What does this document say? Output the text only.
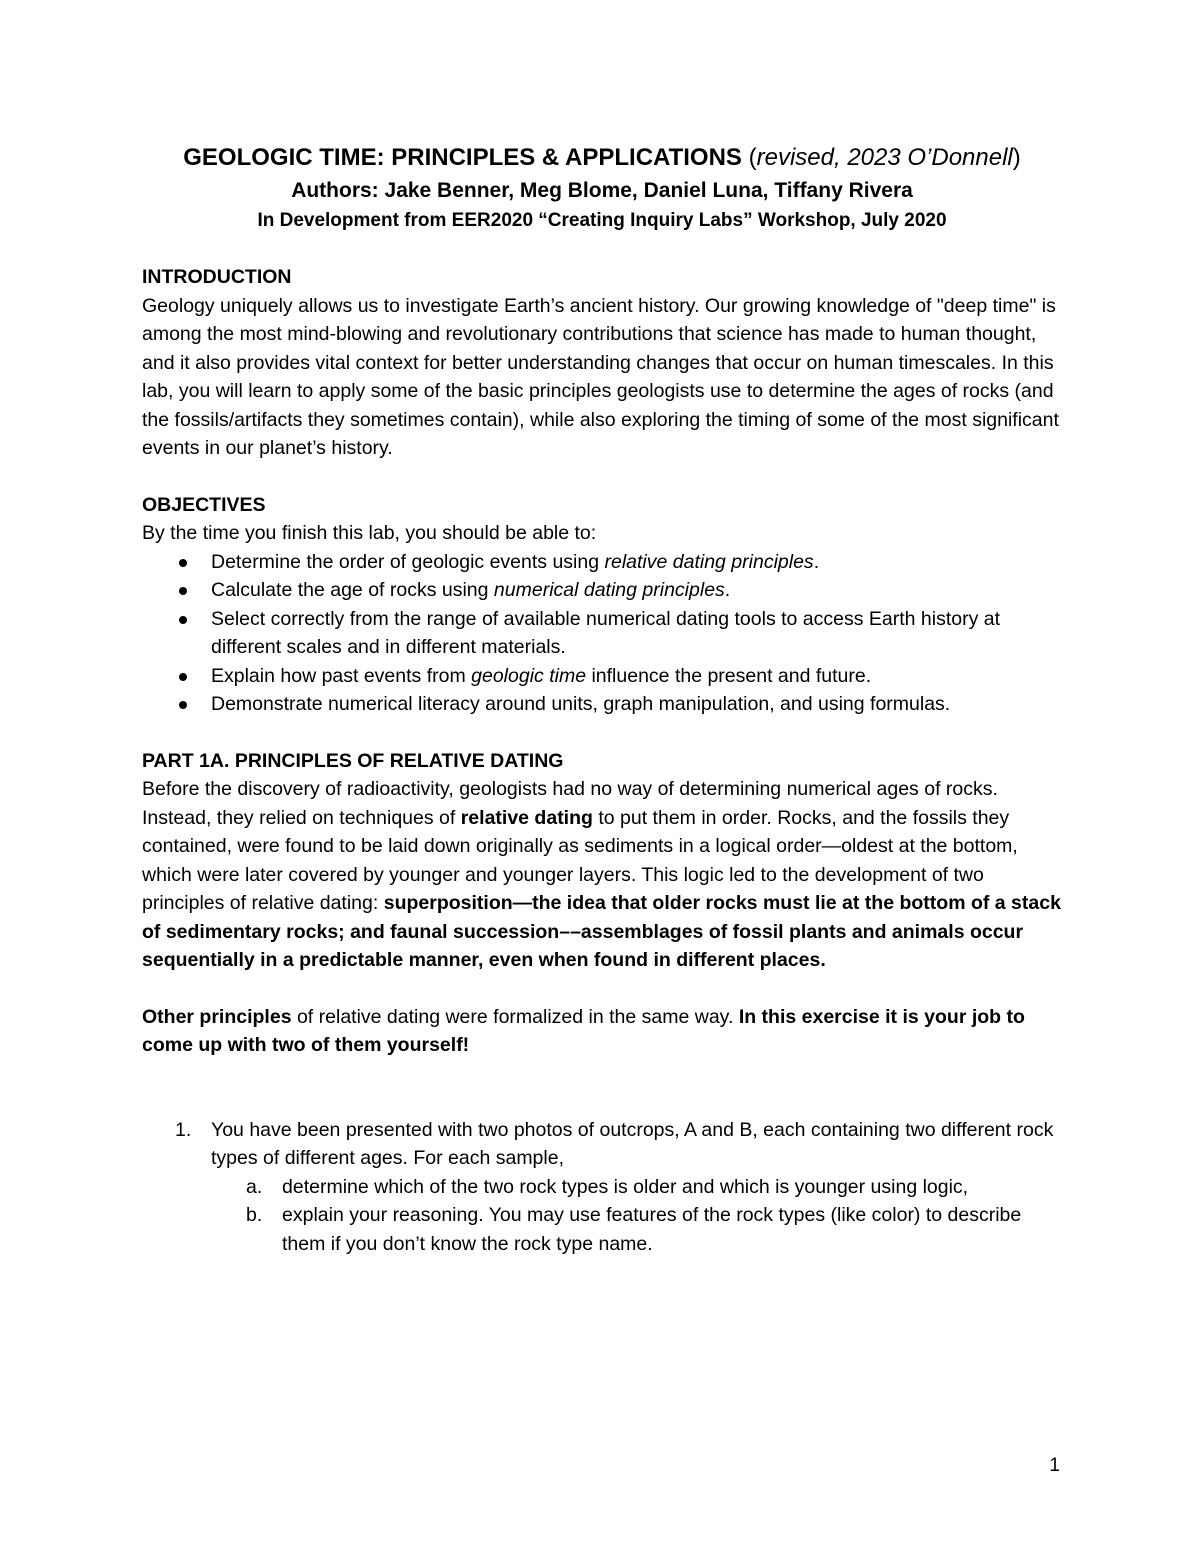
GEOLOGIC TIME: PRINCIPLES & APPLICATIONS (revised, 2023 O’Donnell)

Authors: Jake Benner, Meg Blome, Daniel Luna, Tiffany Rivera

In Development from EER2020 “Creating Inquiry Labs” Workshop, July 2020

INTRODUCTION

Geology uniquely allows us to investigate Earth’s ancient history. Our growing knowledge of "deep time" is among the most mind-blowing and revolutionary contributions that science has made to human thought, and it also provides vital context for better understanding changes that occur on human timescales. In this lab, you will learn to apply some of the basic principles geologists use to determine the ages of rocks (and the fossils/artifacts they sometimes contain), while also exploring the timing of some of the most significant events in our planet’s history.

OBJECTIVES

By the time you finish this lab, you should be able to:

Determine the order of geologic events using relative dating principles.
Calculate the age of rocks using numerical dating principles.
Select correctly from the range of available numerical dating tools to access Earth history at different scales and in different materials.
Explain how past events from geologic time influence the present and future.
Demonstrate numerical literacy around units, graph manipulation, and using formulas.

PART 1A. PRINCIPLES OF RELATIVE DATING

Before the discovery of radioactivity, geologists had no way of determining numerical ages of rocks. Instead, they relied on techniques of relative dating to put them in order. Rocks, and the fossils they contained, were found to be laid down originally as sediments in a logical order—oldest at the bottom, which were later covered by younger and younger layers. This logic led to the development of two principles of relative dating: superposition—the idea that older rocks must lie at the bottom of a stack of sedimentary rocks; and faunal succession––assemblages of fossil plants and animals occur sequentially in a predictable manner, even when found in different places.

Other principles of relative dating were formalized in the same way. In this exercise it is your job to come up with two of them yourself!

1. You have been presented with two photos of outcrops, A and B, each containing two different rock types of different ages. For each sample,
a. determine which of the two rock types is older and which is younger using logic,
b. explain your reasoning. You may use features of the rock types (like color) to describe them if you don’t know the rock type name.
1
